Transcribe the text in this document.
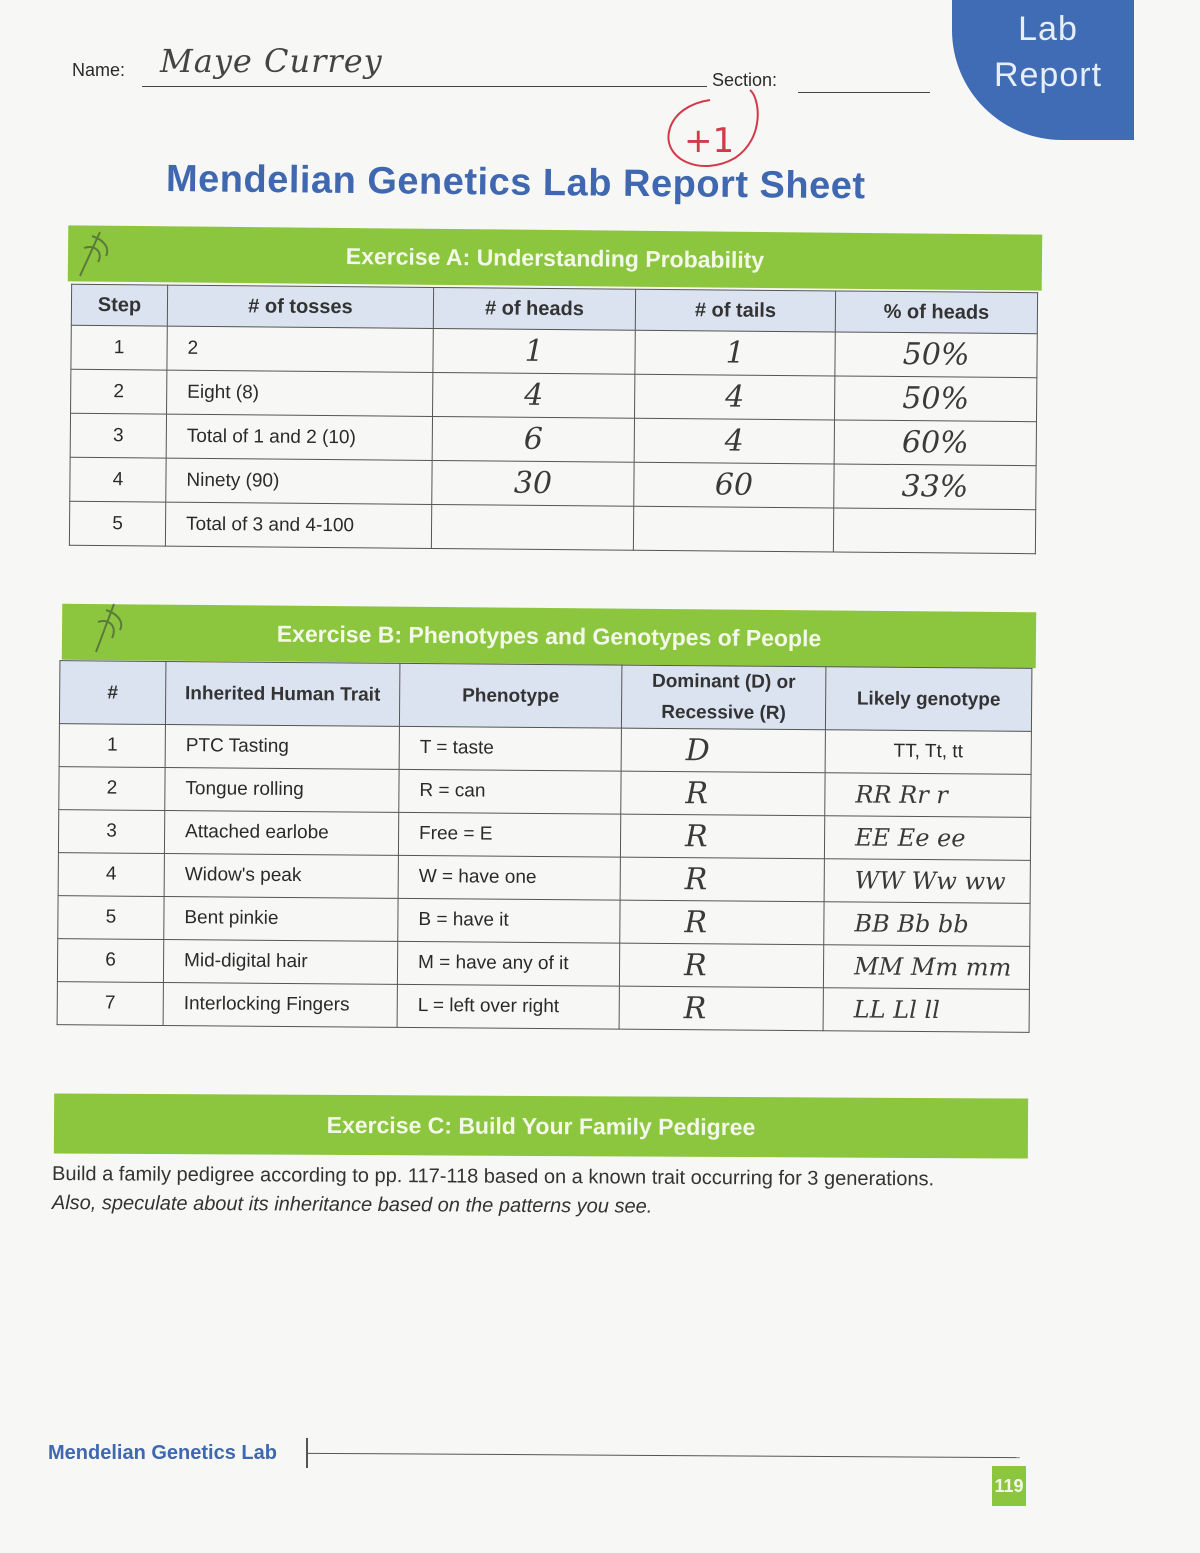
Lab
Report
Name: Maye Currey	Section:
+1
Mendelian Genetics Lab Report Sheet
Exercise A: Understanding Probability
Step	# of tosses	# of heads	# of tails	% of heads
1	2	1	1	50%
2	Eight (8)	4	4	50%
3	Total of 1 and 2 (10)	6	4	60%
4	Ninety (90)	30	60	33%
5	Total of 3 and 4-100			
Exercise B: Phenotypes and Genotypes of People
#	Inherited Human Trait	Phenotype	Dominant (D) or Recessive (R)	Likely genotype
1	PTC Tasting	T = taste	D	TT, Tt, tt
2	Tongue rolling	R = can	R	RR Rr r
3	Attached earlobe	Free = E	R	EE Ee ee
4	Widow's peak	W = have one	R	WW Ww ww
5	Bent pinkie	B = have it	R	BB Bb bb
6	Mid-digital hair	M = have any of it	R	MM Mm mm
7	Interlocking Fingers	L = left over right	R	LL Ll ll
Exercise C: Build Your Family Pedigree
Build a family pedigree according to pp. 117-118 based on a known trait occurring for 3 generations.
Also, speculate about its inheritance based on the patterns you see.
Mendelian Genetics Lab
119
